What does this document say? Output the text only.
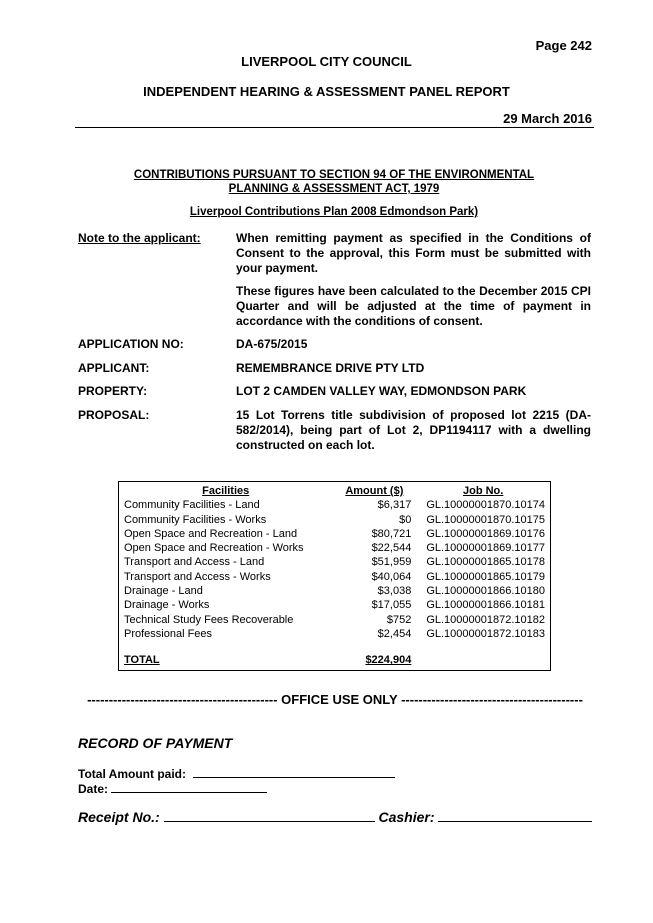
Page 242
LIVERPOOL CITY COUNCIL
INDEPENDENT HEARING & ASSESSMENT PANEL REPORT
29 March 2016
CONTRIBUTIONS PURSUANT TO SECTION 94 OF THE ENVIRONMENTAL
PLANNING & ASSESSMENT ACT, 1979
Liverpool Contributions Plan 2008 Edmondson Park)
Note to the applicant:	When remitting payment as specified in the Conditions of Consent to the approval, this Form must be submitted with your payment.
These figures have been calculated to the December 2015 CPI Quarter and will be adjusted at the time of payment in accordance with the conditions of consent.
APPLICATION NO:	DA-675/2015
APPLICANT:	REMEMBRANCE DRIVE PTY LTD
PROPERTY:	LOT 2 CAMDEN VALLEY WAY, EDMONDSON PARK
PROPOSAL:	15 Lot Torrens title subdivision of proposed lot 2215 (DA-582/2014), being part of Lot 2, DP1194117 with a dwelling constructed on each lot.
Facilities	Amount ($)	Job No.
Community Facilities - Land	$6,317	GL.10000001870.10174
Community Facilities - Works	$0	GL.10000001870.10175
Open Space and Recreation - Land	$80,721	GL.10000001869.10176
Open Space and Recreation - Works	$22,544	GL.10000001869.10177
Transport and Access - Land	$51,959	GL.10000001865.10178
Transport and Access - Works	$40,064	GL.10000001865.10179
Drainage - Land	$3,038	GL.10000001866.10180
Drainage - Works	$17,055	GL.10000001866.10181
Technical Study Fees Recoverable	$752	GL.10000001872.10182
Professional Fees	$2,454	GL.10000001872.10183

TOTAL	$224,904	
-------------------------------------------- OFFICE USE ONLY ------------------------------------------
RECORD OF PAYMENT
Total Amount paid:
Date:
Receipt No.:	Cashier:
